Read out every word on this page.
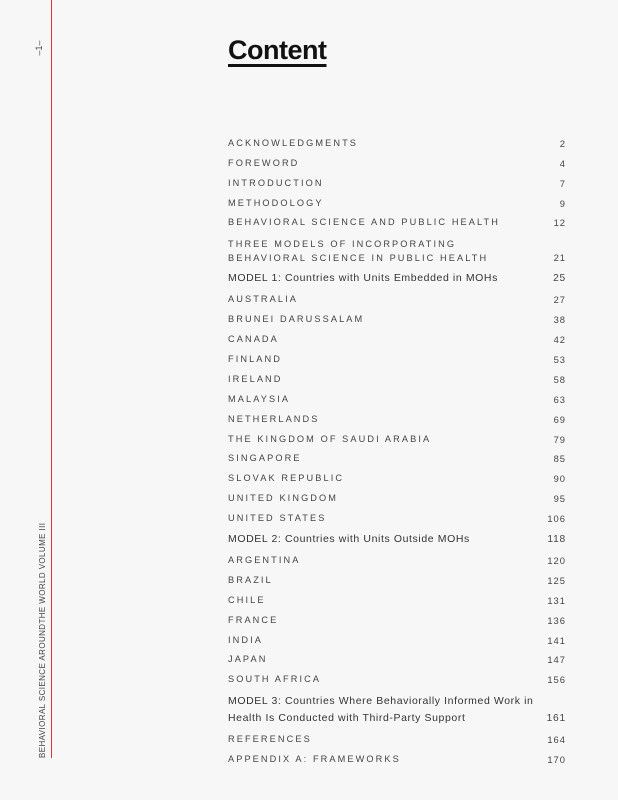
–1–
BEHAVIORAL SCIENCE AROUNDTHE WORLD VOLUME III
Content
ACKNOWLEDGMENTS	2
FOREWORD	4
INTRODUCTION	7
METHODOLOGY	9
BEHAVIORAL SCIENCE AND PUBLIC HEALTH	12
THREE MODELS OF INCORPORATING BEHAVIORAL SCIENCE IN PUBLIC HEALTH	21
MODEL 1: Countries with Units Embedded in MOHs	25
AUSTRALIA	27
BRUNEI DARUSSALAM	38
CANADA	42
FINLAND	53
IRELAND	58
MALAYSIA	63
NETHERLANDS	69
THE KINGDOM OF SAUDI ARABIA	79
SINGAPORE	85
SLOVAK REPUBLIC	90
UNITED KINGDOM	95
UNITED STATES	106
MODEL 2: Countries with Units Outside MOHs	118
ARGENTINA	120
BRAZIL	125
CHILE	131
FRANCE	136
INDIA	141
JAPAN	147
SOUTH AFRICA	156
MODEL 3: Countries Where Behaviorally Informed Work in Health Is Conducted with Third-Party Support	161
REFERENCES	164
APPENDIX A: FRAMEWORKS	170
